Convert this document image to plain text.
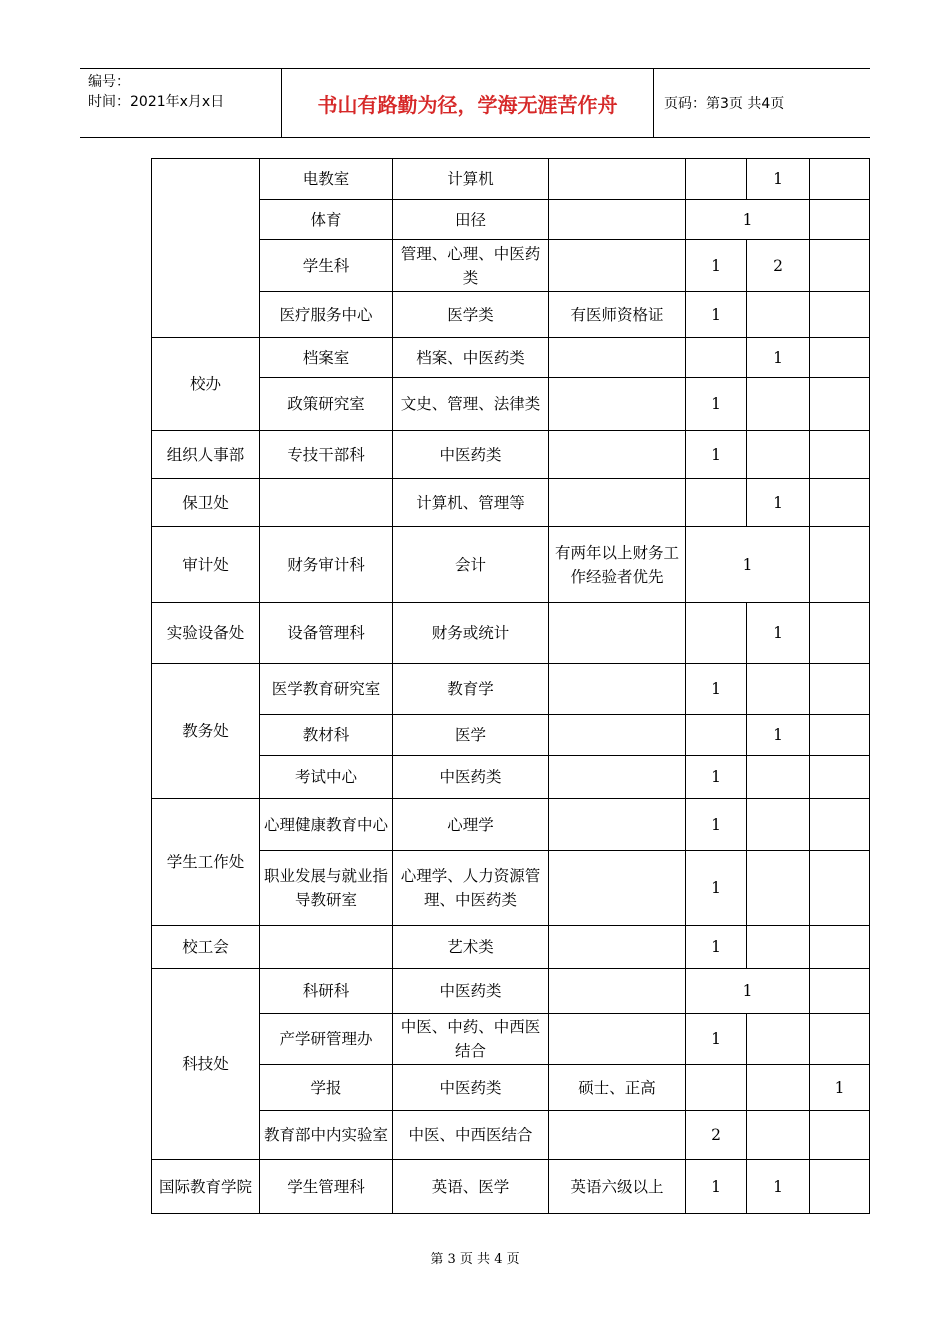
编号：
时间：2021年x月x日	书山有路勤为径，学海无涯苦作舟	页码：第3页 共4页
	电教室	计算机			1	
	体育	田径		1		
	学生科	管理、心理、中医药类		1	2	
	医疗服务中心	医学类	有医师资格证	1		
校办	档案室	档案、中医药类			1	
	政策研究室	文史、管理、法律类		1		
组织人事部	专技干部科	中医药类		1		
保卫处		计算机、管理等			1	
审计处	财务审计科	会计	有两年以上财务工作经验者优先	1		
实验设备处	设备管理科	财务或统计			1	
教务处	医学教育研究室	教育学		1		
	教材科	医学			1	
	考试中心	中医药类		1		
学生工作处	心理健康教育中心	心理学		1		
	职业发展与就业指导教研室	心理学、人力资源管理、中医药类		1		
校工会		艺术类		1		
科技处	科研科	中医药类		1		
	产学研管理办	中医、中药、中西医结合		1		
	学报	中医药类	硕士、正高			1
	教育部中内实验室	中医、中西医结合		2		
国际教育学院	学生管理科	英语、医学	英语六级以上	1	1	
第 3 页 共 4 页
